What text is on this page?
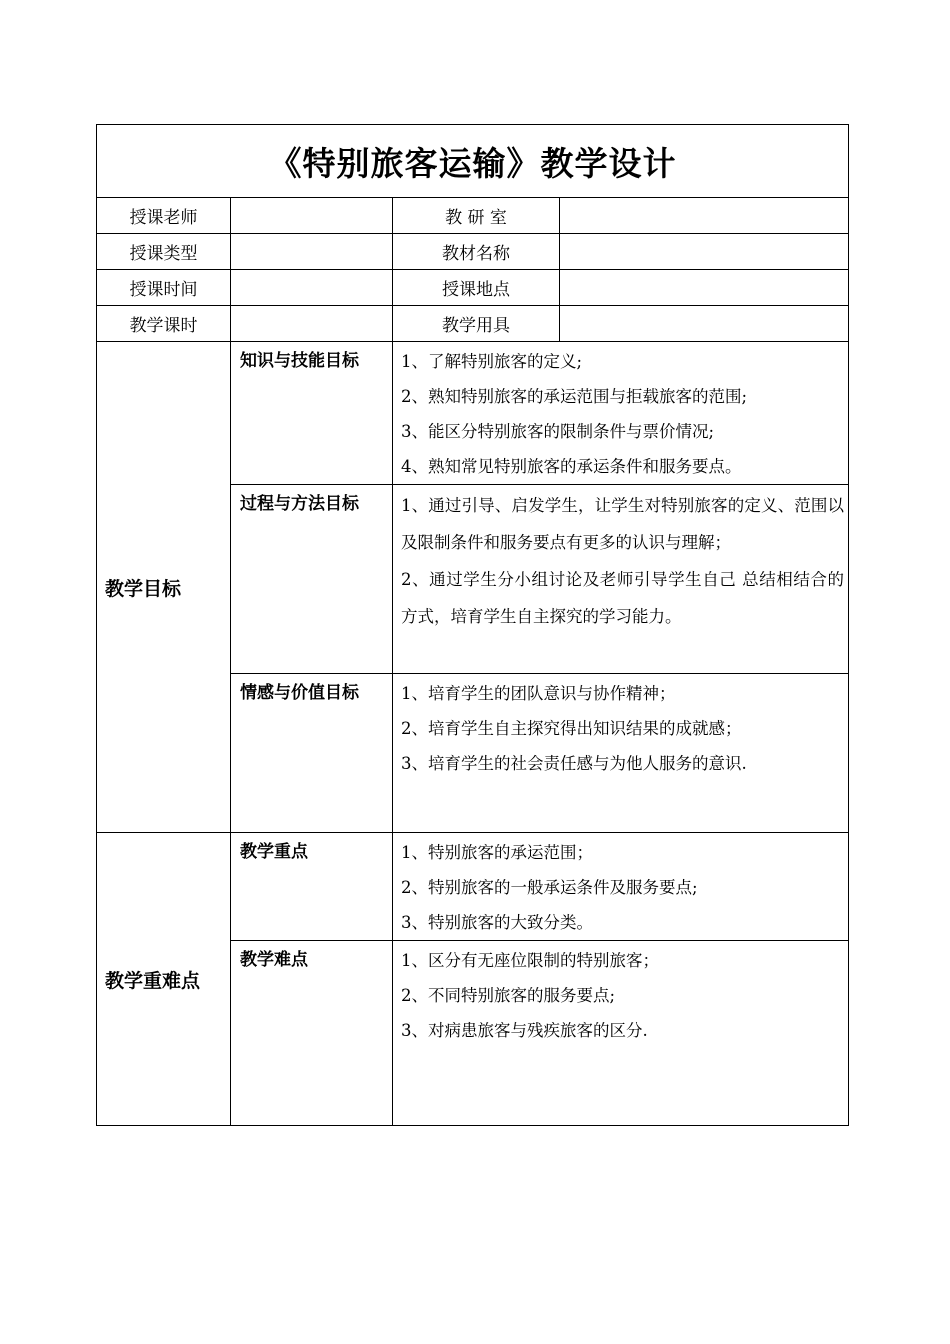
《特别旅客运输》教学设计			
授课老师		教 研 室	
授课类型		教材名称	
授课时间		授课地点	
教学课时		教学用具	
教学目标	知识与技能目标	1、了解特别旅客的定义;
2、熟知特别旅客的承运范围与拒载旅客的范围;
3、能区分特别旅客的限制条件与票价情况;
4、熟知常见特别旅客的承运条件和服务要点。	

	过程与方法目标	1、通过引导、启发学生，让学生对特别旅客的定义、范围以及限制条件和服务要点有更多的认识与理解；
2、通过学生分小组讨论及老师引导学生自己 总结相结合的方式，培育学生自主探究的学习能力。	

	情感与价值目标	1、培育学生的团队意识与协作精神；
2、培育学生自主探究得出知识结果的成就感；
3、培育学生的社会责任感与为他人服务的意识.	

教学重难点	教学重点	1、特别旅客的承运范围；
2、特别旅客的一般承运条件及服务要点;
3、特别旅客的大致分类。	

	教学难点	1、区分有无座位限制的特别旅客；
2、不同特别旅客的服务要点;
3、对病患旅客与残疾旅客的区分.	
